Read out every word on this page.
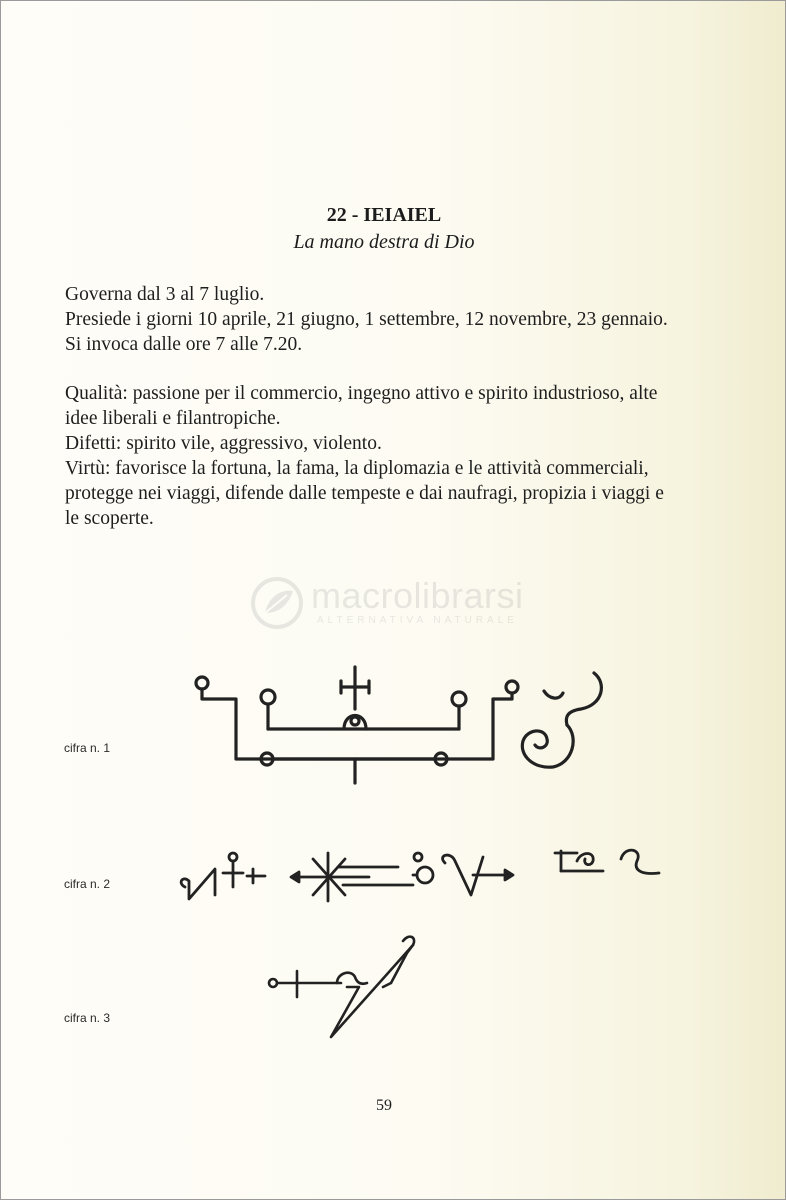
22 - IEIAIEL
La mano destra di Dio
Governa dal 3 al 7 luglio.
Presiede i giorni 10 aprile, 21 giugno, 1 settembre, 12 novembre, 23 gennaio.
Si invoca dalle ore 7 alle 7.20.
Qualità: passione per il commercio, ingegno attivo e spirito industrioso, alte
idee liberali e filantropiche.
Difetti: spirito vile, aggressivo, violento.
Virtù: favorisce la fortuna, la fama, la diplomazia e le attività commerciali,
protegge nei viaggi, difende dalle tempeste e dai naufragi, propizia i viaggi e
le scoperte.
macrolibrarsi
ALTERNATIVA NATURALE
cifra n. 1
cifra n. 2
cifra n. 3
59
